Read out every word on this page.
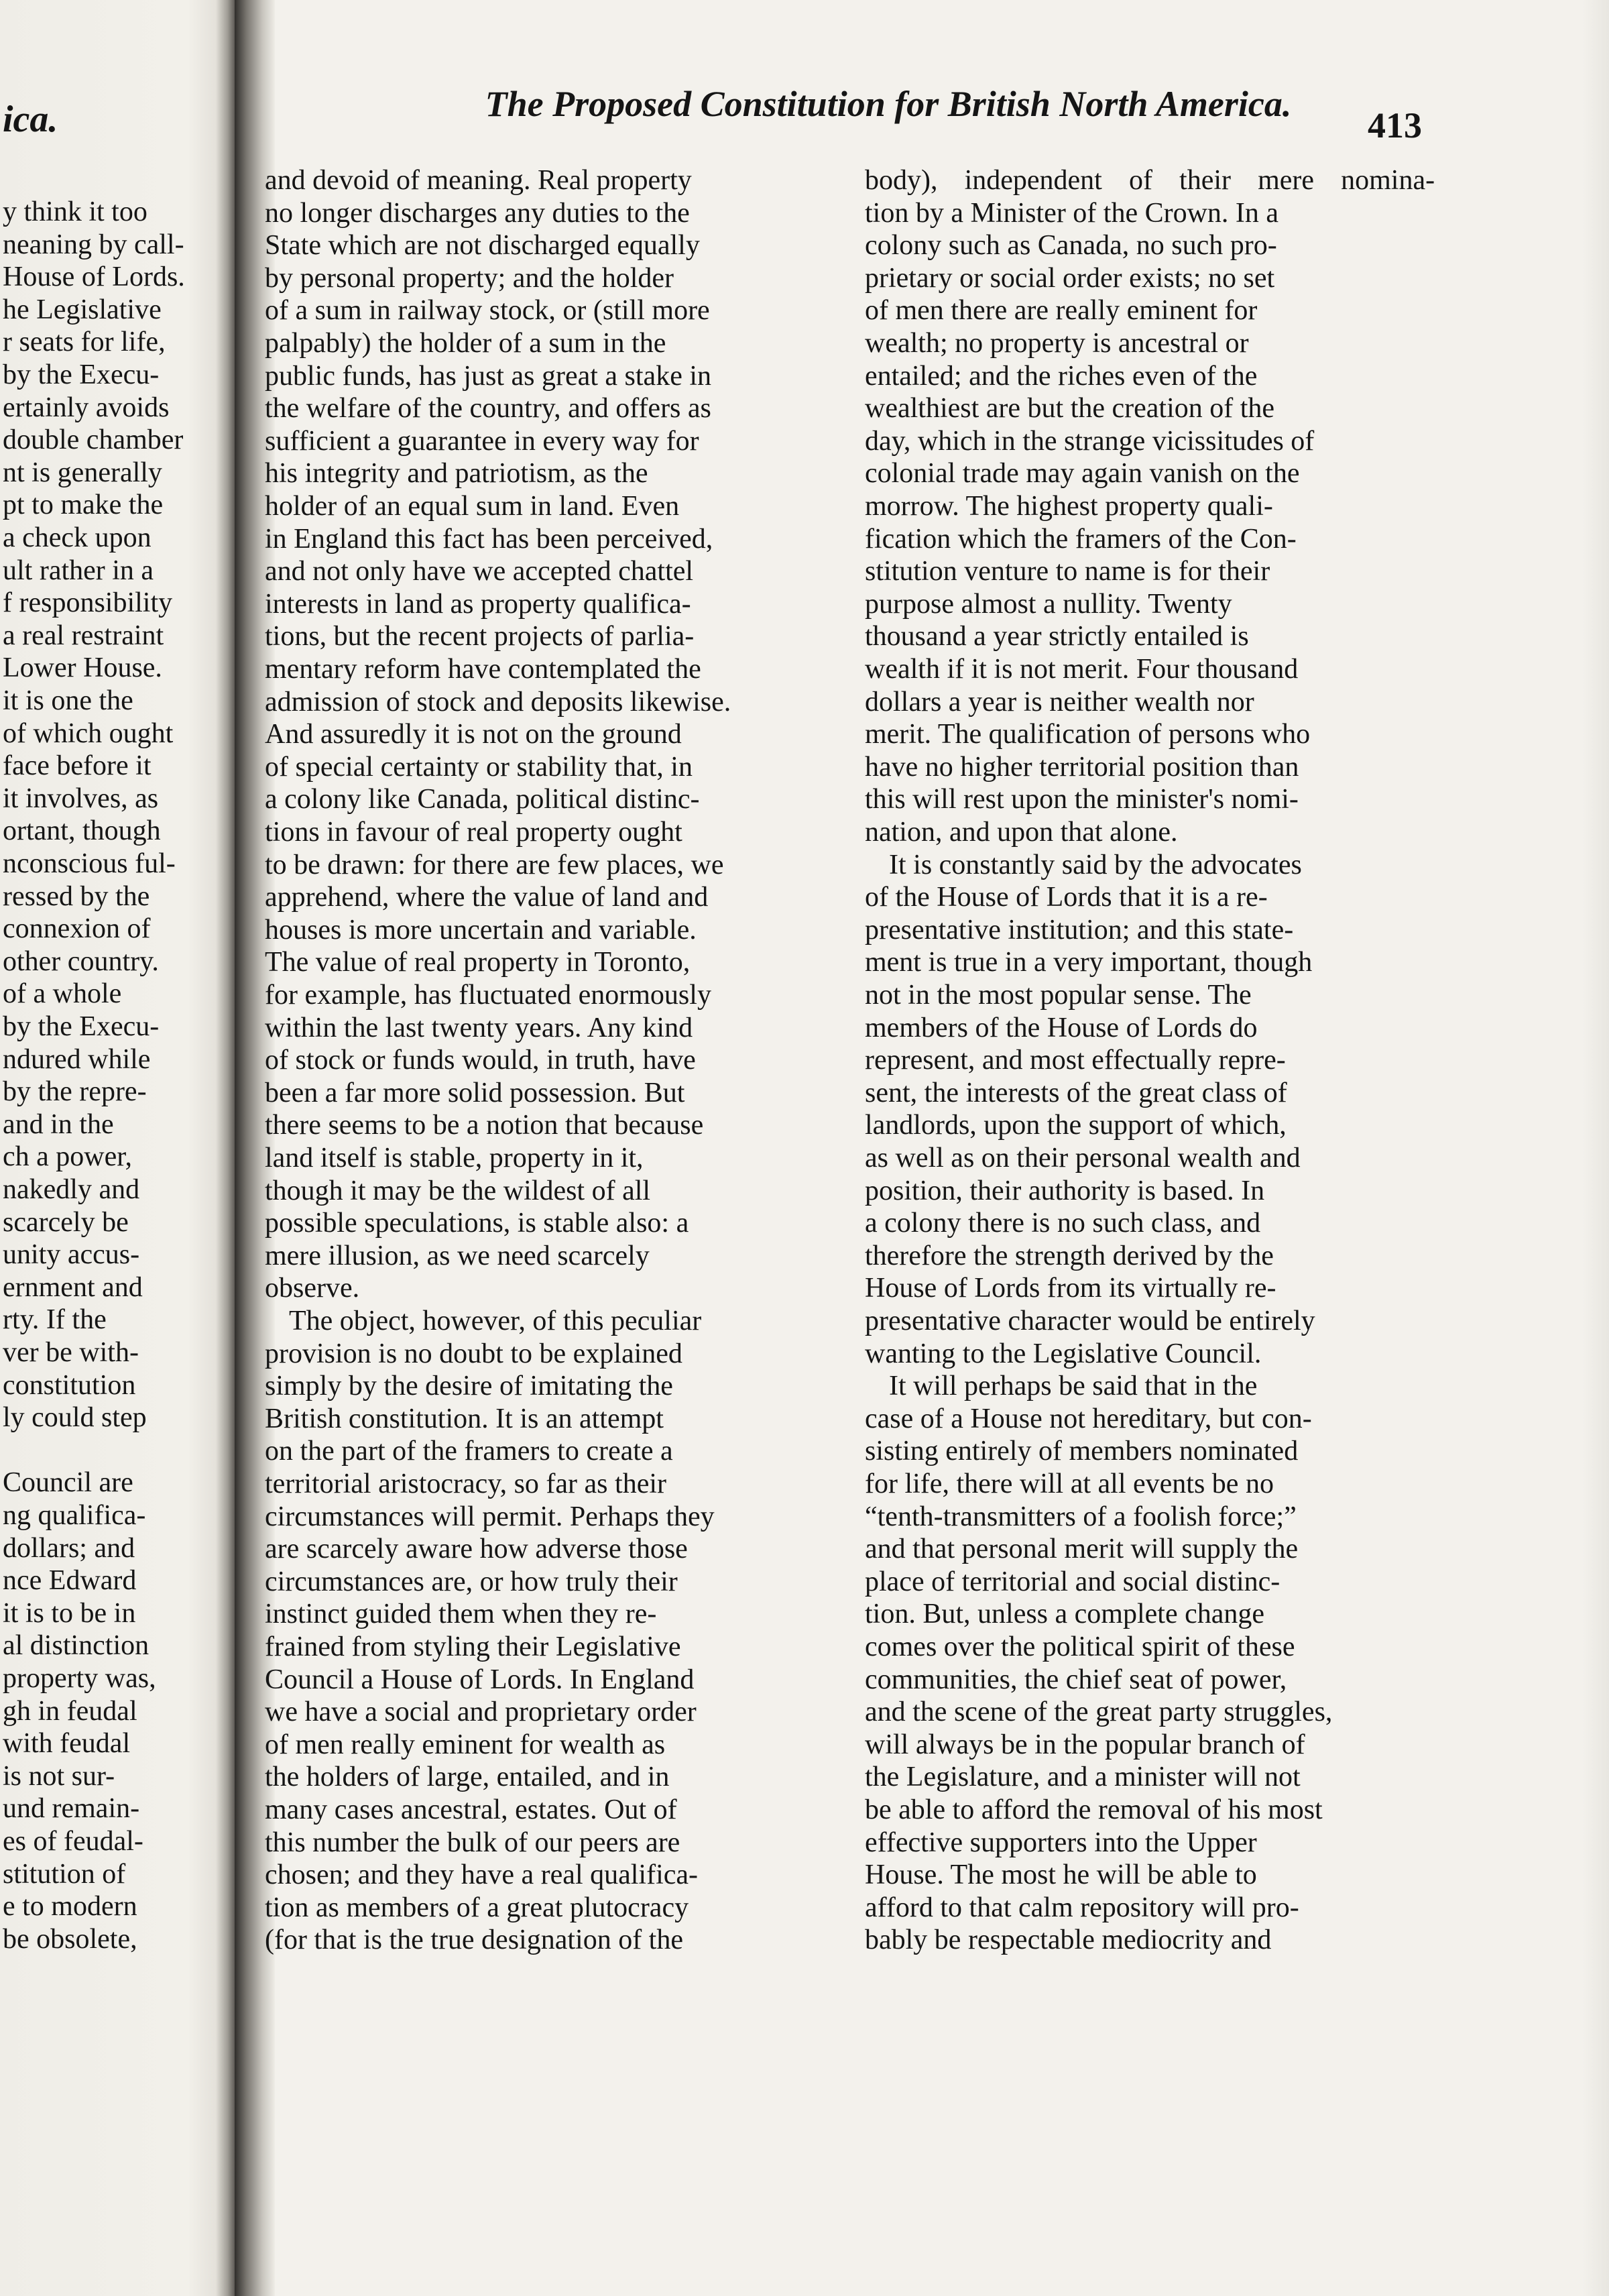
ica.	The Proposed Constitution for British North America.
413
y think it too
neaning by call-
House of Lords.
he Legislative
r seats for life,
by the Execu-
ertainly avoids
double chamber
nt is generally
pt to make the
a check upon
ult rather in a
f responsibility
a real restraint
Lower House.
it is one the
of which ought
face before it
it involves, as
ortant, though
nconscious ful-
ressed by the
connexion of
other country.
of a whole
by the Execu-
ndured while
by the repre-
and in the
ch a power,
nakedly and
scarcely be
unity accus-
ernment and
rty. If the
ver be with-
constitution
ly could step
Council are
ng qualifica-
dollars; and
nce Edward
it is to be in
al distinction
property was,
gh in feudal
with feudal
is not sur-
und remain-
es of feudal-
stitution of
e to modern
be obsolete,
and devoid of meaning. Real property
no longer discharges any duties to the
State which are not discharged equally
by personal property; and the holder
of a sum in railway stock, or (still more
palpably) the holder of a sum in the
public funds, has just as great a stake in
the welfare of the country, and offers as
sufficient a guarantee in every way for
his integrity and patriotism, as the
holder of an equal sum in land. Even
in England this fact has been perceived,
and not only have we accepted chattel
interests in land as property qualifica-
tions, but the recent projects of parlia-
mentary reform have contemplated the
admission of stock and deposits likewise.
And assuredly it is not on the ground
of special certainty or stability that, in
a colony like Canada, political distinc-
tions in favour of real property ought
to be drawn: for there are few places, we
apprehend, where the value of land and
houses is more uncertain and variable.
The value of real property in Toronto,
for example, has fluctuated enormously
within the last twenty years. Any kind
of stock or funds would, in truth, have
been a far more solid possession. But
there seems to be a notion that because
land itself is stable, property in it,
though it may be the wildest of all
possible speculations, is stable also: a
mere illusion, as we need scarcely
observe.
The object, however, of this peculiar
provision is no doubt to be explained
simply by the desire of imitating the
British constitution. It is an attempt
on the part of the framers to create a
territorial aristocracy, so far as their
circumstances will permit. Perhaps they
are scarcely aware how adverse those
circumstances are, or how truly their
instinct guided them when they re-
frained from styling their Legislative
Council a House of Lords. In England
we have a social and proprietary order
of men really eminent for wealth as
the holders of large, entailed, and in
many cases ancestral, estates. Out of
this number the bulk of our peers are
chosen; and they have a real qualifica-
tion as members of a great plutocracy
(for that is the true designation of the
body), independent of their mere nomina-
tion by a Minister of the Crown. In a
colony such as Canada, no such pro-
prietary or social order exists; no set
of men there are really eminent for
wealth; no property is ancestral or
entailed; and the riches even of the
wealthiest are but the creation of the
day, which in the strange vicissitudes of
colonial trade may again vanish on the
morrow. The highest property quali-
fication which the framers of the Con-
stitution venture to name is for their
purpose almost a nullity. Twenty
thousand a year strictly entailed is
wealth if it is not merit. Four thousand
dollars a year is neither wealth nor
merit. The qualification of persons who
have no higher territorial position than
this will rest upon the minister's nomi-
nation, and upon that alone.
It is constantly said by the advocates
of the House of Lords that it is a re-
presentative institution; and this state-
ment is true in a very important, though
not in the most popular sense. The
members of the House of Lords do
represent, and most effectually repre-
sent, the interests of the great class of
landlords, upon the support of which,
as well as on their personal wealth and
position, their authority is based. In
a colony there is no such class, and
therefore the strength derived by the
House of Lords from its virtually re-
presentative character would be entirely
wanting to the Legislative Council.
It will perhaps be said that in the
case of a House not hereditary, but con-
sisting entirely of members nominated
for life, there will at all events be no
“tenth-transmitters of a foolish force;”
and that personal merit will supply the
place of territorial and social distinc-
tion. But, unless a complete change
comes over the political spirit of these
communities, the chief seat of power,
and the scene of the great party struggles,
will always be in the popular branch of
the Legislature, and a minister will not
be able to afford the removal of his most
effective supporters into the Upper
House. The most he will be able to
afford to that calm repository will pro-
bably be respectable mediocrity and
